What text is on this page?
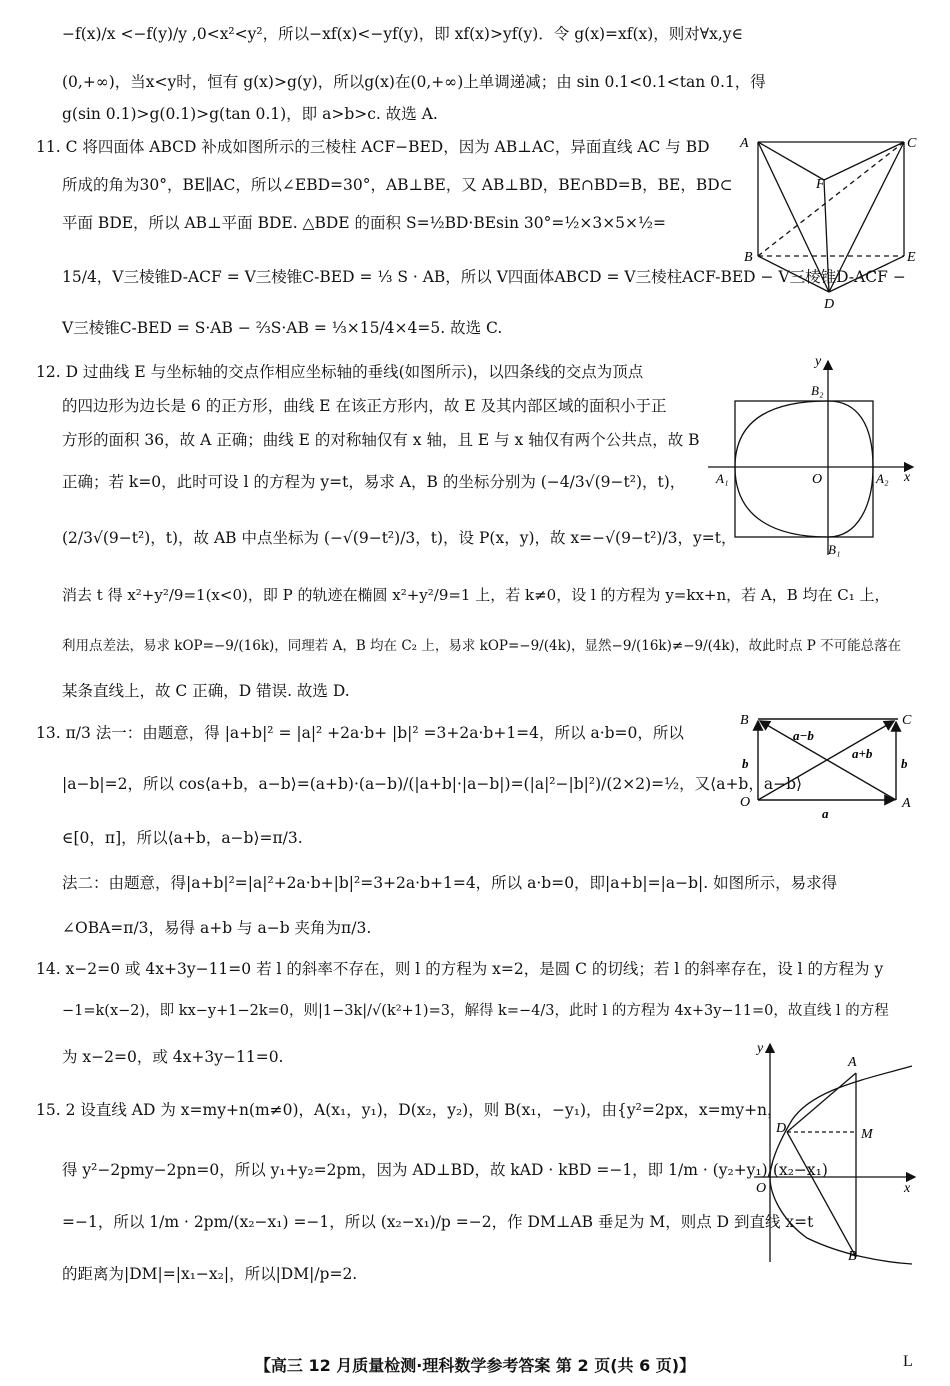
−f(x)/x <−f(y)/y ,0<x²<y²，所以−xf(x)<−yf(y)，即 xf(x)>yf(y)．令 g(x)=xf(x)，则对∀x,y∈
(0,+∞)，当x<y时，恒有 g(x)>g(y)，所以g(x)在(0,+∞)上单调递减；由 sin 0.1<0.1<tan 0.1，得
g(sin 0.1)>g(0.1)>g(tan 0.1)，即 a>b>c. 故选 A.
11. C 将四面体 ABCD 补成如图所示的三棱柱 ACF−BED，因为 AB⊥AC，异面直线 AC 与 BD
所成的角为30°，BE∥AC，所以∠EBD=30°，AB⊥BE，又 AB⊥BD，BE∩BD=B，BE，BD⊂
平面 BDE，所以 AB⊥平面 BDE. △BDE 的面积 S=½BD·BEsin 30°=½×3×5×½=
15/4，V三棱锥D-ACF = V三棱锥C-BED = ⅓ S · AB，所以 V四面体ABCD = V三棱柱ACF-BED − V三棱锥D-ACF −
V三棱锥C-BED = S·AB − ⅔S·AB = ⅓×15/4×4=5. 故选 C.
12. D 过曲线 E 与坐标轴的交点作相应坐标轴的垂线(如图所示)，以四条线的交点为顶点
的四边形为边长是 6 的正方形，曲线 E 在该正方形内，故 E 及其内部区域的面积小于正
方形的面积 36，故 A 正确；曲线 E 的对称轴仅有 x 轴，且 E 与 x 轴仅有两个公共点，故 B
正确；若 k=0，此时可设 l 的方程为 y=t，易求 A，B 的坐标分别为 (−4/3√(9−t²)，t)，
(2/3√(9−t²)，t)，故 AB 中点坐标为 (−√(9−t²)/3，t)，设 P(x，y)，故 x=−√(9−t²)/3，y=t，
消去 t 得 x²+y²/9=1(x<0)，即 P 的轨迹在椭圆 x²+y²/9=1 上，若 k≠0，设 l 的方程为 y=kx+n，若 A，B 均在 C₁ 上，
利用点差法，易求 kOP=−9/(16k)，同理若 A，B 均在 C₂ 上，易求 kOP=−9/(4k)，显然−9/(16k)≠−9/(4k)，故此时点 P 不可能总落在
某条直线上，故 C 正确，D 错误. 故选 D.
13. π/3 法一：由题意，得 |a+b|² = |a|² +2a·b+ |b|² =3+2a·b+1=4，所以 a·b=0，所以
|a−b|=2，所以 cos⟨a+b，a−b⟩=(a+b)·(a−b)/(|a+b|·|a−b|)=(|a|²−|b|²)/(2×2)=½，又⟨a+b，a−b⟩
∈[0，π]，所以⟨a+b，a−b⟩=π/3.
法二：由题意，得|a+b|²=|a|²+2a·b+|b|²=3+2a·b+1=4，所以 a·b=0，即|a+b|=|a−b|. 如图所示，易求得
∠OBA=π/3，易得 a+b 与 a−b 夹角为π/3.
14. x−2=0 或 4x+3y−11=0 若 l 的斜率不存在，则 l 的方程为 x=2，是圆 C 的切线；若 l 的斜率存在，设 l 的方程为 y
−1=k(x−2)，即 kx−y+1−2k=0，则|1−3k|/√(k²+1)=3，解得 k=−4/3，此时 l 的方程为 4x+3y−11=0，故直线 l 的方程
为 x−2=0，或 4x+3y−11=0.
15. 2 设直线 AD 为 x=my+n(m≠0)，A(x₁，y₁)，D(x₂，y₂)，则 B(x₁，−y₁)，由{y²=2px，x=my+n，
得 y²−2pmy−2pn=0，所以 y₁+y₂=2pm，因为 AD⊥BD，故 kAD · kBD =−1，即 1/m · (y₂+y₁)/(x₂−x₁)
=−1，所以 1/m · 2pm/(x₂−x₁) =−1，所以 (x₂−x₁)/p =−2，作 DM⊥AB 垂足为 M，则点 D 到直线 x=t
的距离为|DM|=|x₁−x₂|，所以|DM|/p=2.
A	C
F
B	E
D
y
x
O
A₁	A₂
B₂
B₁
B	C
O	A
a
b	b
a−b
a+b
y
x
O
A
D	M
B
【高三 12 月质量检测·理科数学参考答案 第 2 页(共 6 页)】	L
